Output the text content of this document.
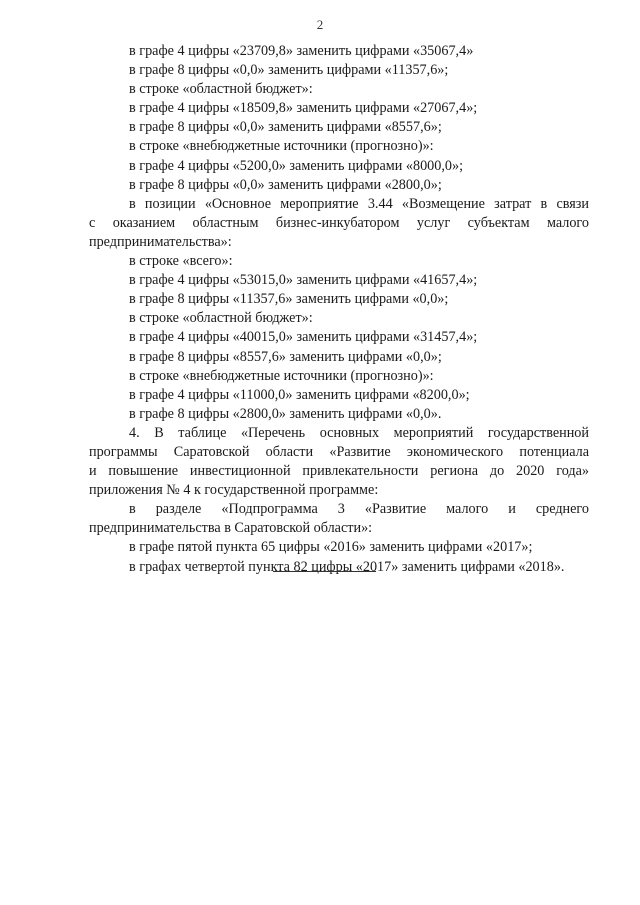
2
в графе 4 цифры «23709,8» заменить цифрами «35067,4»
в графе 8 цифры «0,0» заменить цифрами «11357,6»;
в строке «областной бюджет»:
в графе 4 цифры «18509,8» заменить цифрами «27067,4»;
в графе 8 цифры «0,0» заменить цифрами «8557,6»;
в строке «внебюджетные источники (прогнозно)»:
в графе 4 цифры «5200,0» заменить цифрами «8000,0»;
в графе 8 цифры «0,0» заменить цифрами «2800,0»;
в позиции «Основное мероприятие 3.44 «Возмещение затрат в связи
с оказанием областным бизнес-инкубатором услуг субъектам малого
предпринимательства»:
в строке «всего»:
в графе 4 цифры «53015,0» заменить цифрами «41657,4»;
в графе 8 цифры «11357,6» заменить цифрами «0,0»;
в строке «областной бюджет»:
в графе 4 цифры «40015,0» заменить цифрами «31457,4»;
в графе 8 цифры «8557,6» заменить цифрами «0,0»;
в строке «внебюджетные источники (прогнозно)»:
в графе 4 цифры «11000,0» заменить цифрами «8200,0»;
в графе 8 цифры «2800,0» заменить цифрами «0,0».
4. В таблице «Перечень основных мероприятий государственной
программы Саратовской области «Развитие экономического потенциала
и повышение инвестиционной привлекательности региона до 2020 года»
приложения № 4 к государственной программе:
в разделе «Подпрограмма 3 «Развитие малого и среднего
предпринимательства в Саратовской области»:
в графе пятой пункта 65 цифры «2016» заменить цифрами «2017»;
в графах четвертой пункта 82 цифры «2017» заменить цифрами «2018».
